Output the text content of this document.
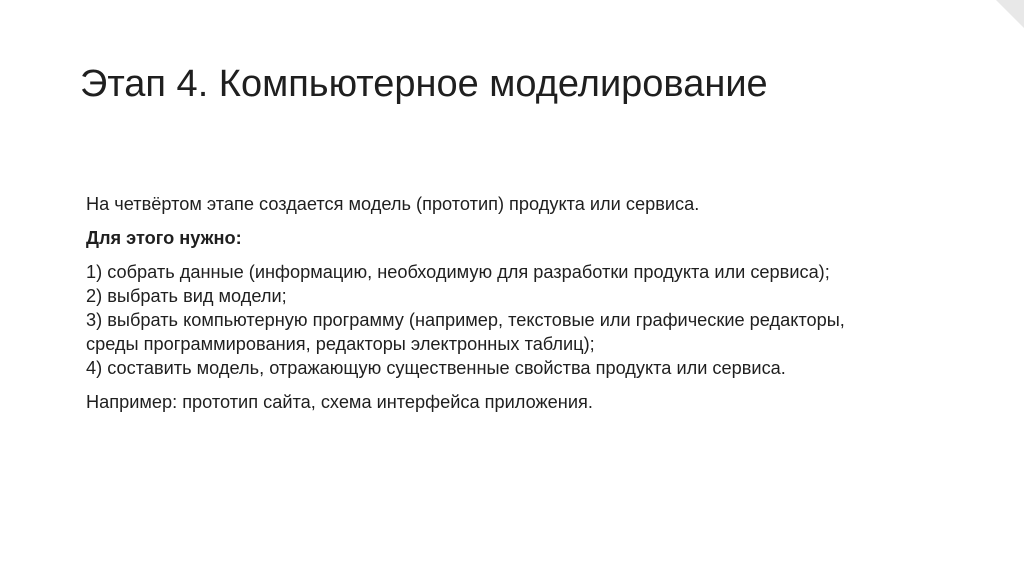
Этап 4. Компьютерное моделирование

На четвёртом этапе создается модель (прототип) продукта или сервиса.

Для этого нужно:

1) собрать данные (информацию, необходимую для разработки продукта или сервиса);
2) выбрать вид модели;
3) выбрать компьютерную программу (например, текстовые или графические редакторы,
среды программирования, редакторы электронных таблиц);
4) составить модель, отражающую существенные свойства продукта или сервиса.

Например: прототип сайта, схема интерфейса приложения.
